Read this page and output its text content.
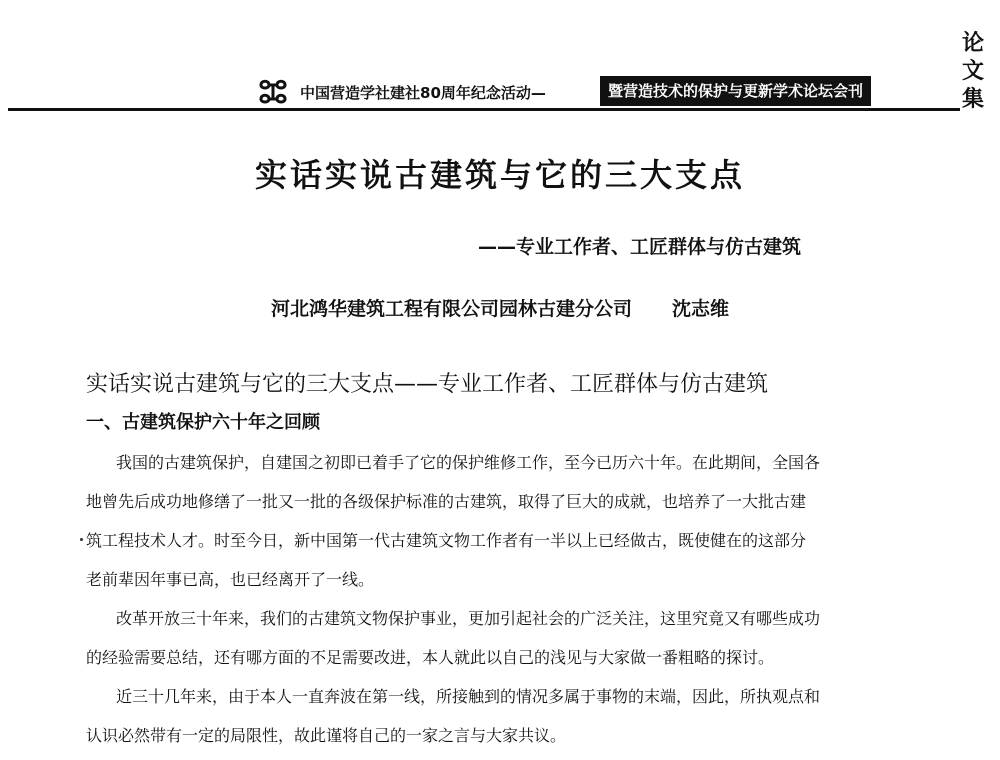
论
文
集
中国营造学社建社80周年纪念活动—	暨营造技术的保护与更新学术论坛会刊
实话实说古建筑与它的三大支点
——专业工作者、工匠群体与仿古建筑
河北鸿华建筑工程有限公司园林古建分公司 沈志维
实话实说古建筑与它的三大支点——专业工作者、工匠群体与仿古建筑
一、古建筑保护六十年之回顾
我国的古建筑保护，自建国之初即已着手了它的保护维修工作，至今已历六十年。在此期间，全国各
地曾先后成功地修缮了一批又一批的各级保护标准的古建筑，取得了巨大的成就，也培养了一大批古建
筑工程技术人才。时至今日，新中国第一代古建筑文物工作者有一半以上已经做古，既使健在的这部分
老前辈因年事已高，也已经离开了一线。
改革开放三十年来，我们的古建筑文物保护事业，更加引起社会的广泛关注，这里究竟又有哪些成功
的经验需要总结，还有哪方面的不足需要改进，本人就此以自己的浅见与大家做一番粗略的探讨。
近三十几年来，由于本人一直奔波在第一线，所接触到的情况多属于事物的末端，因此，所执观点和
认识必然带有一定的局限性，故此谨将自己的一家之言与大家共议。
